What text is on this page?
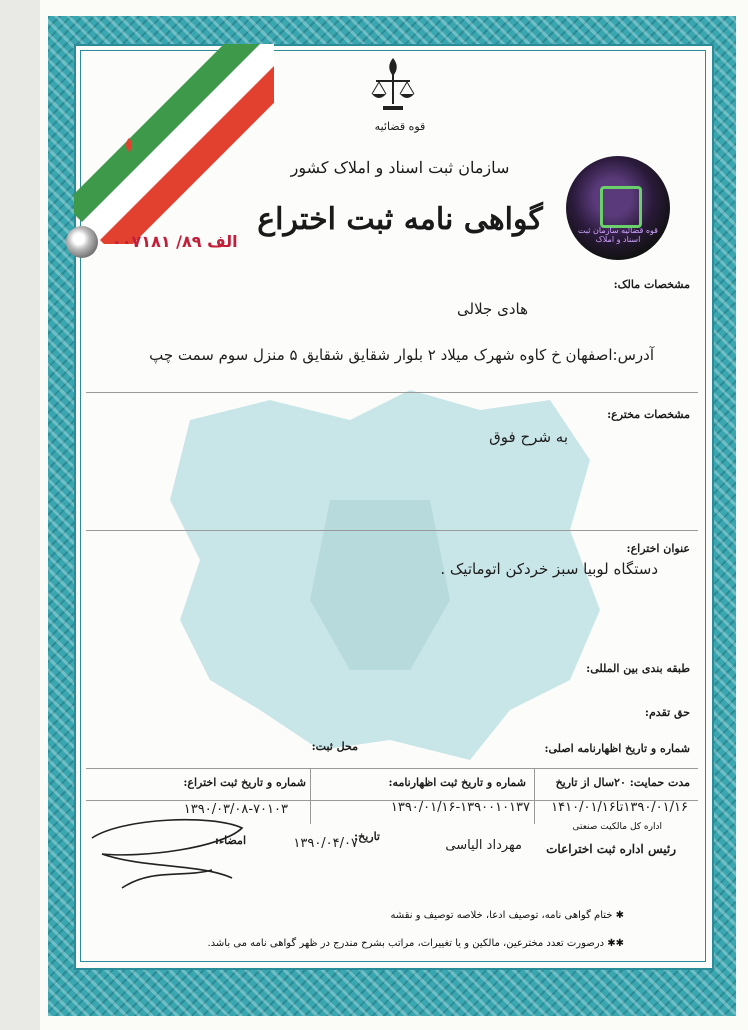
قوه قضائیه
سازمان ثبت اسناد و املاک کشور
گواهی نامه ثبت اختراع
الف ۸۹/ ۰۰۷۱۸۱
قوه قضائیه سازمان ثبت اسناد و املاک
مشخصات مالک:
هادی جلالی
آدرس:اصفهان خ کاوه شهرک میلاد ۲ بلوار شقایق شقایق ۵ منزل سوم سمت چپ
مشخصات مخترع:
به شرح فوق
عنوان اختراع:
دستگاه لوبیا سبز خردکن اتوماتیک .
طبقه بندی بین المللی:
حق تقدم:
شماره و تاریخ اظهارنامه اصلی:
محل ثبت:
مدت حمایت: ۲۰سال از تاریخ
۱۳۹۰/۰۱/۱۶تا۱۴۱۰/۰۱/۱۶
شماره و تاریخ ثبت اظهارنامه:
۱۳۹۰/۰۱/۱۶-۱۳۹۰۰۱۰۱۳۷
شماره و تاریخ ثبت اختراع:
۱۳۹۰/۰۳/۰۸-۷۰۱۰۳
اداره کل مالکیت صنعتی
رئیس اداره ثبت اختراعات
مهرداد الیاسی
تاریخ:
۱۳۹۰/۰۴/۰۷
امضاء:
✱ ختام گواهی نامه، توصیف ادعا، خلاصه توصیف و نقشه
✱✱ درصورت تعدد مخترعین، مالکین و یا تغییرات، مراتب بشرح مندرج در ظهر گواهی نامه می باشد.
